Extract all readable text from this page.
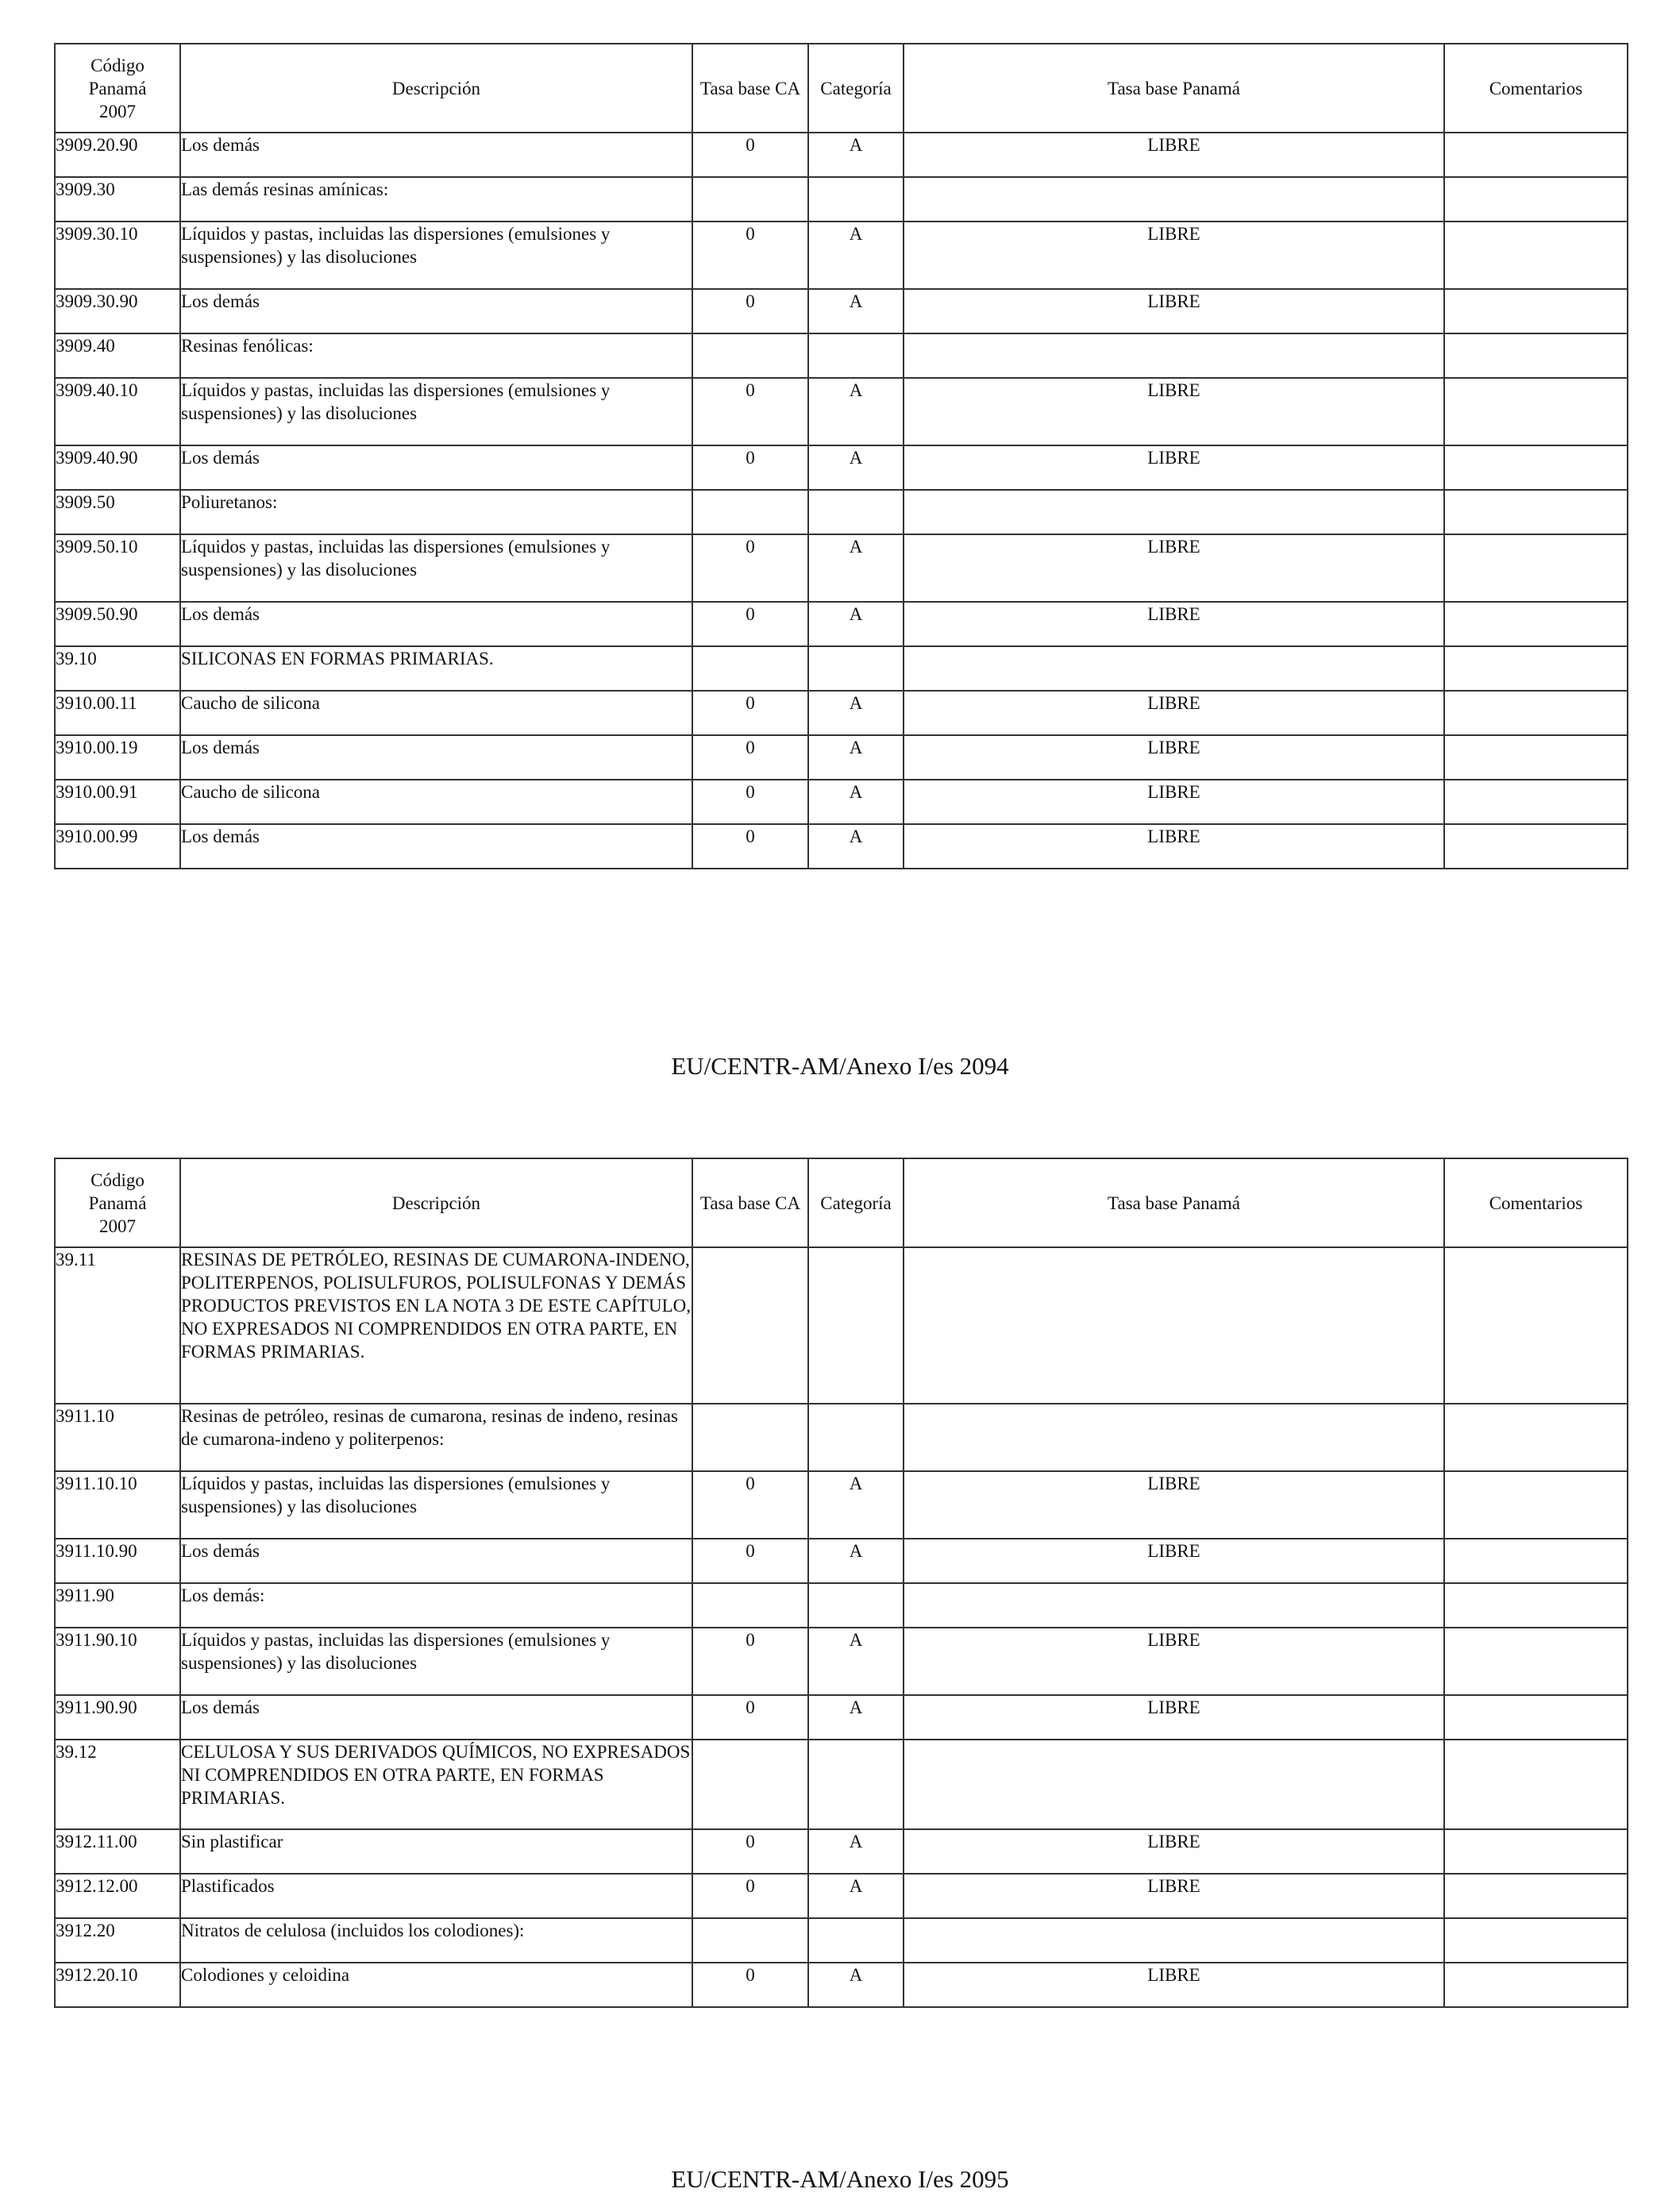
Código
Panamá
2007	Descripción	Tasa base CA	Categoría	Tasa base Panamá	Comentarios
3909.20.90	Los demás	0	A	LIBRE	
3909.30	Las demás resinas amínicas:				
3909.30.10	Líquidos y pastas, incluidas las dispersiones (emulsiones y suspensiones) y las disoluciones	0	A	LIBRE	
3909.30.90	Los demás	0	A	LIBRE	
3909.40	Resinas fenólicas:				
3909.40.10	Líquidos y pastas, incluidas las dispersiones (emulsiones y suspensiones) y las disoluciones	0	A	LIBRE	
3909.40.90	Los demás	0	A	LIBRE	
3909.50	Poliuretanos:				
3909.50.10	Líquidos y pastas, incluidas las dispersiones (emulsiones y suspensiones) y las disoluciones	0	A	LIBRE	
3909.50.90	Los demás	0	A	LIBRE	
39.10	SILICONAS EN FORMAS PRIMARIAS.				
3910.00.11	Caucho de silicona	0	A	LIBRE	
3910.00.19	Los demás	0	A	LIBRE	
3910.00.91	Caucho de silicona	0	A	LIBRE	
3910.00.99	Los demás	0	A	LIBRE	
EU/CENTR-AM/Anexo I/es 2094
Código
Panamá
2007	Descripción	Tasa base CA	Categoría	Tasa base Panamá	Comentarios
39.11	RESINAS DE PETRÓLEO, RESINAS DE CUMARONA-INDENO, POLITERPENOS, POLISULFUROS, POLISULFONAS Y DEMÁS PRODUCTOS PREVISTOS EN LA NOTA 3 DE ESTE CAPÍTULO, NO EXPRESADOS NI COMPRENDIDOS EN OTRA PARTE, EN FORMAS PRIMARIAS.				
3911.10	Resinas de petróleo, resinas de cumarona, resinas de indeno, resinas de cumarona-indeno y politerpenos:				
3911.10.10	Líquidos y pastas, incluidas las dispersiones (emulsiones y suspensiones) y las disoluciones	0	A	LIBRE	
3911.10.90	Los demás	0	A	LIBRE	
3911.90	Los demás:				
3911.90.10	Líquidos y pastas, incluidas las dispersiones (emulsiones y suspensiones) y las disoluciones	0	A	LIBRE	
3911.90.90	Los demás	0	A	LIBRE	
39.12	CELULOSA Y SUS DERIVADOS QUÍMICOS, NO EXPRESADOS NI COMPRENDIDOS EN OTRA PARTE, EN FORMAS PRIMARIAS.				
3912.11.00	Sin plastificar	0	A	LIBRE	
3912.12.00	Plastificados	0	A	LIBRE	
3912.20	Nitratos de celulosa (incluidos los colodiones):				
3912.20.10	Colodiones y celoidina	0	A	LIBRE	
EU/CENTR-AM/Anexo I/es 2095
